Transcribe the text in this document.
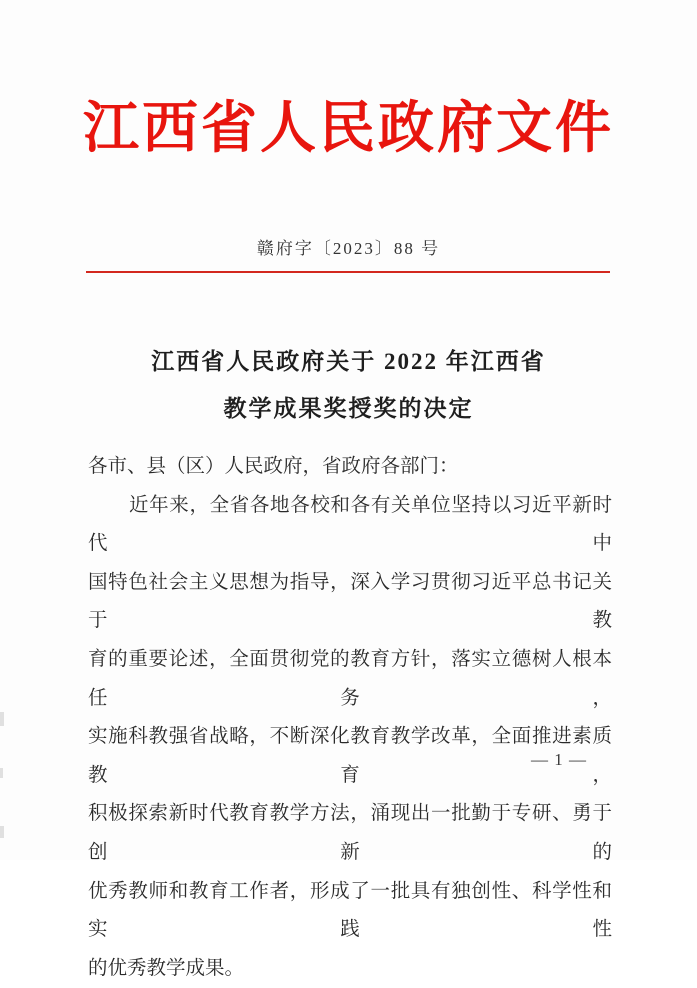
江西省人民政府文件
赣府字〔2023〕88 号
江西省人民政府关于 2022 年江西省
教学成果奖授奖的决定
各市、县（区）人民政府，省政府各部门：
近年来，全省各地各校和各有关单位坚持以习近平新时代中
国特色社会主义思想为指导，深入学习贯彻习近平总书记关于教
育的重要论述，全面贯彻党的教育方针，落实立德树人根本任务，
实施科教强省战略，不断深化教育教学改革，全面推进素质教育，
积极探索新时代教育教学方法，涌现出一批勤于专研、勇于创新的
优秀教师和教育工作者，形成了一批具有独创性、科学性和实践性
的优秀教学成果。
— 1 —
